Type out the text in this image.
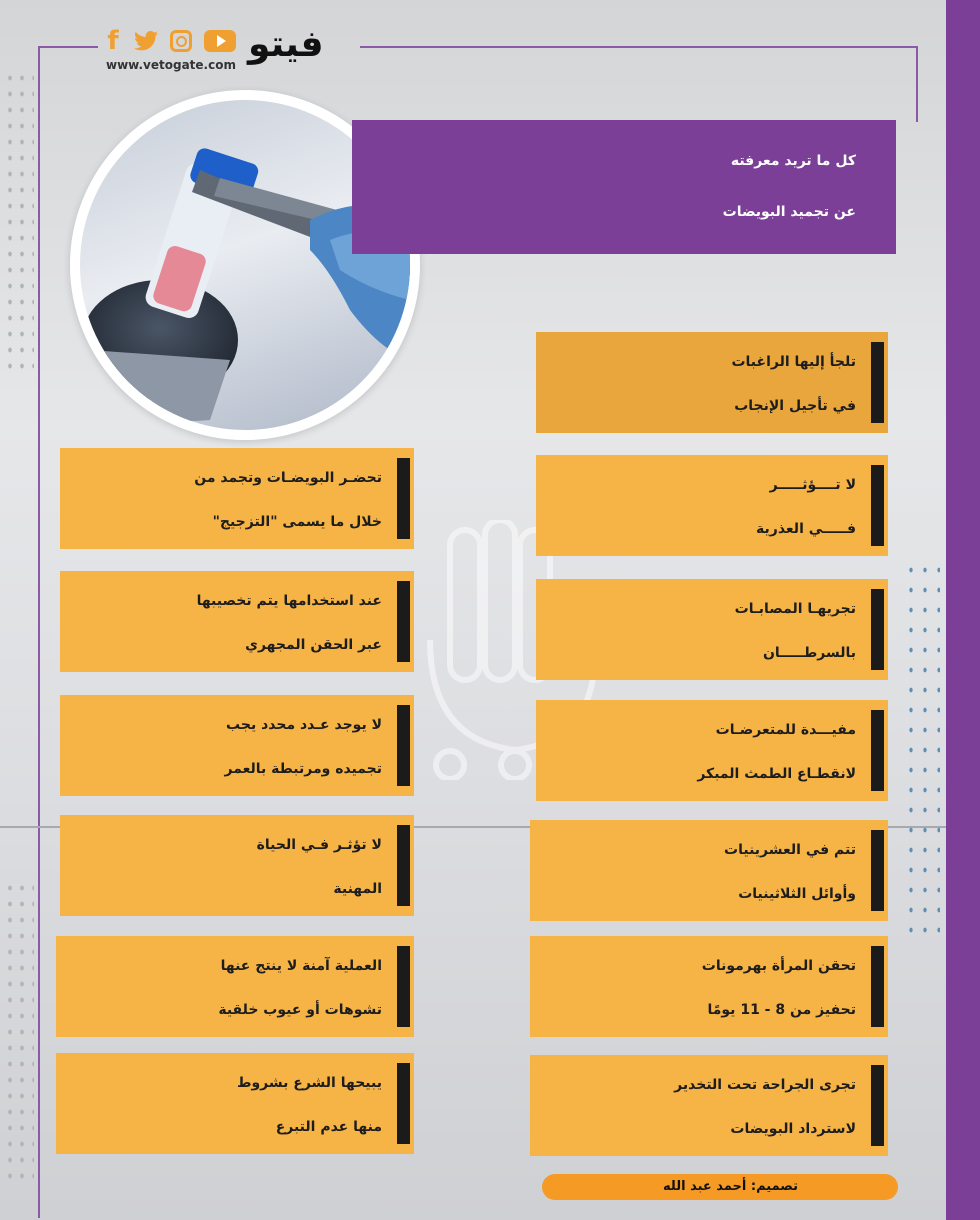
f
www.vetogate.com فيتو
كل ما تريد معرفته
عن تجميد البويضات
تلجأ إليها الراغبات
في تأجيل الإنجاب
لا تــــؤثـــــر
فـــــي العذرية
تجريهـا المصابـات
بالسرطـــــان
مفيـــدة للمتعرضـات
لانقطـاع الطمث المبكر
تتم في العشرينيات
وأوائل الثلاثينيات
تحقن المرأة بهرمونات
تحفيز من 8 - 11 يومًا
تجرى الجراحة تحت التخدير
لاسترداد البويضات
تحضـر البويضـات وتجمد من
خلال ما يسمى "التزجيج"
عند استخدامها يتم تخصيبها
عبر الحقن المجهري
لا يوجد عـدد محدد يجب
تجميده ومرتبطة بالعمر
لا تؤثـر فـي الحياة
المهنية
العملية آمنة لا ينتج عنها
تشوهات أو عيوب خلقية
يبيحها الشرع بشروط
منها عدم التبرع
تصميم: أحمد عبد الله
